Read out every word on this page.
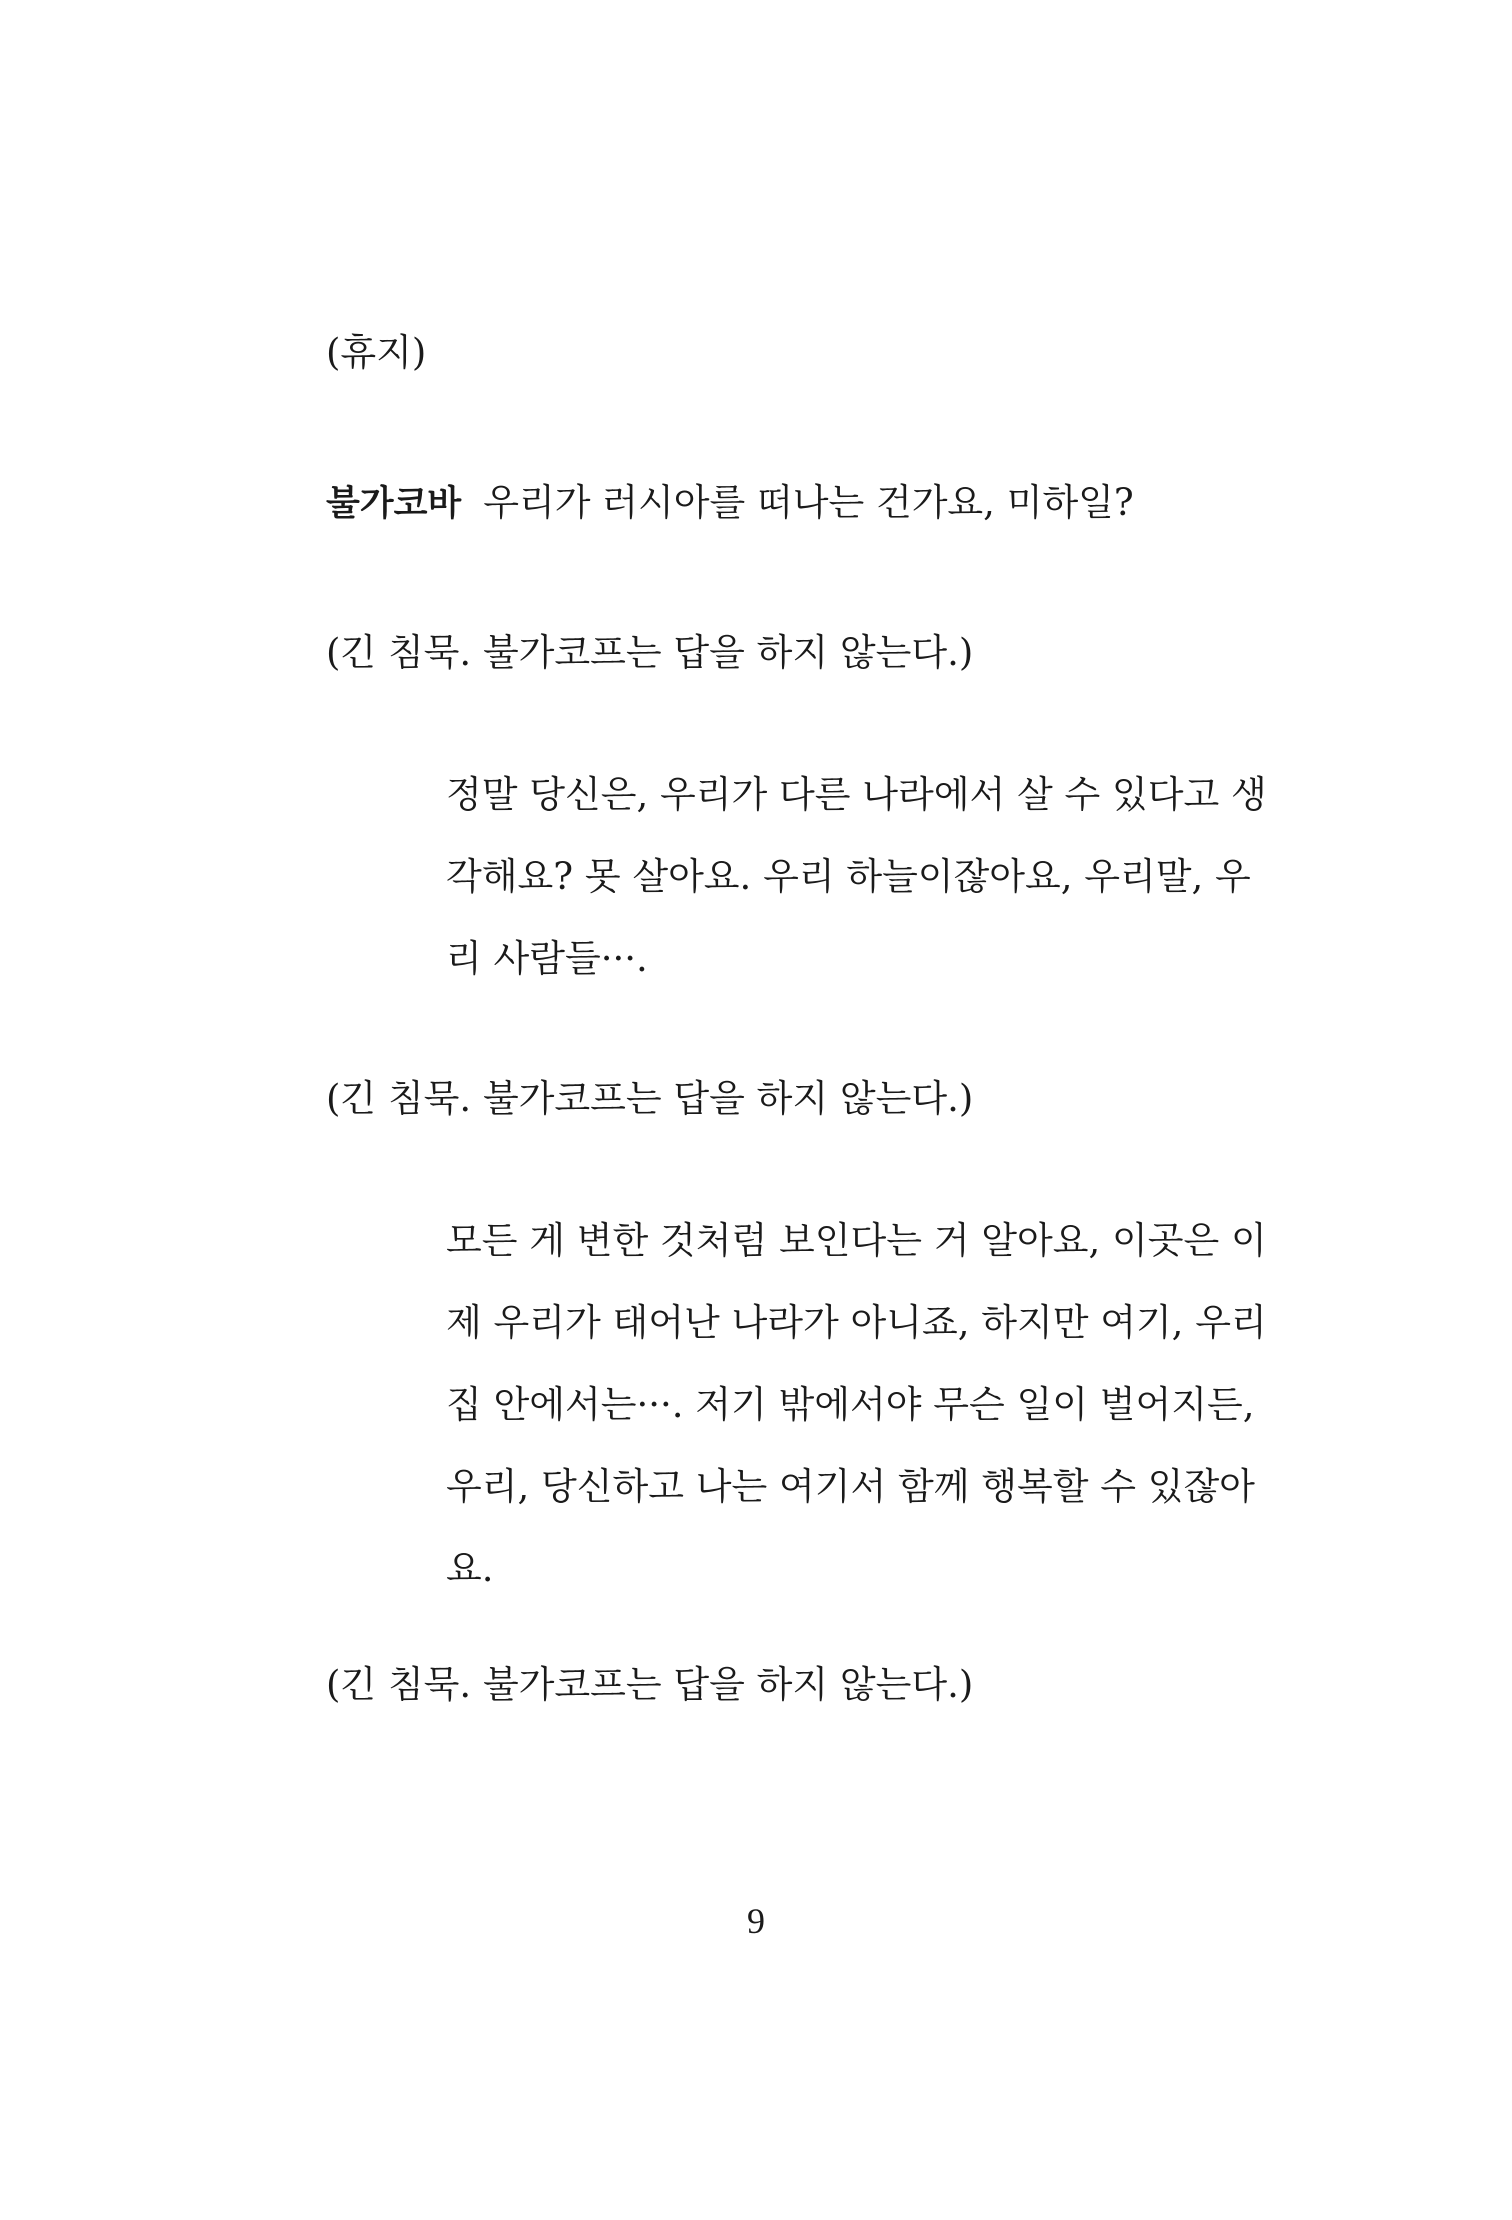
(휴지)

불가코바 우리가 러시아를 떠나는 건가요, 미하일?

(긴 침묵. 불가코프는 답을 하지 않는다.)

정말 당신은, 우리가 다른 나라에서 살 수 있다고 생
각해요? 못 살아요. 우리 하늘이잖아요, 우리말, 우
리 사람들···.

(긴 침묵. 불가코프는 답을 하지 않는다.)

모든 게 변한 것처럼 보인다는 거 알아요, 이곳은 이
제 우리가 태어난 나라가 아니죠, 하지만 여기, 우리
집 안에서는···. 저기 밖에서야 무슨 일이 벌어지든,
우리, 당신하고 나는 여기서 함께 행복할 수 있잖아
요.

(긴 침묵. 불가코프는 답을 하지 않는다.)

9
